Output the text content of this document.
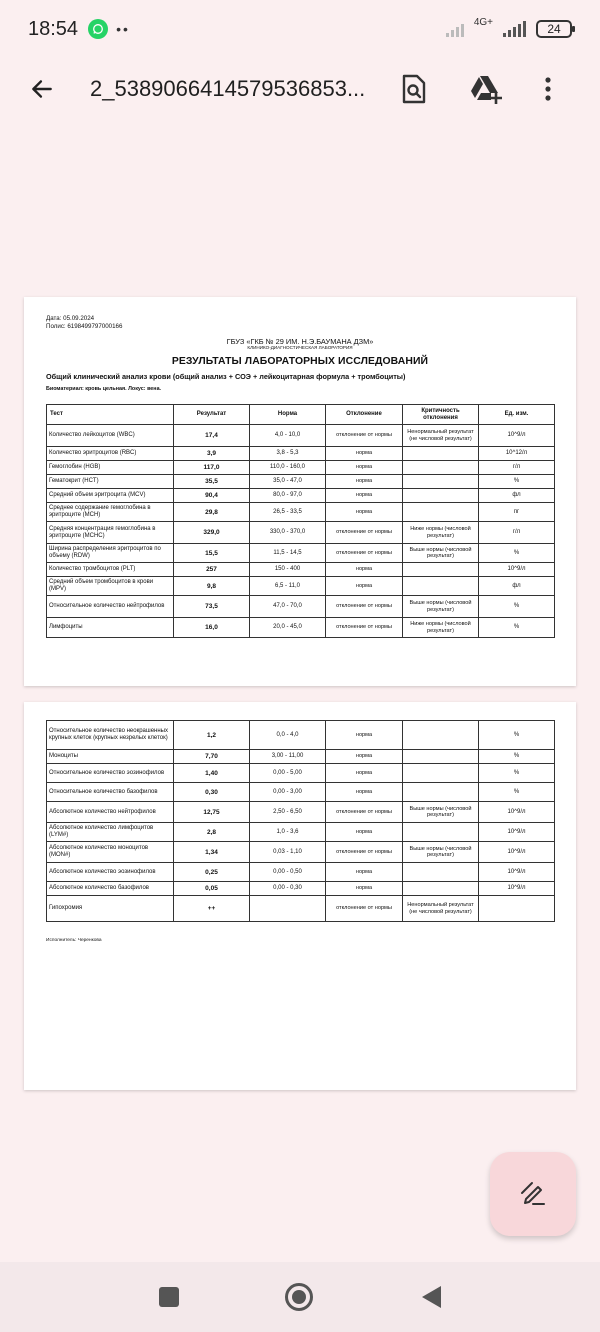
18:54	••	4G+	24
2_5389066414579536853...
Дата: 05.09.2024
Полис: 6198499797000166
ГБУЗ «ГКБ № 29 ИМ. Н.Э.БАУМАНА ДЗМ»
КЛИНИКО-ДИАГНОСТИЧЕСКАЯ ЛАБОРАТОРИЯ
РЕЗУЛЬТАТЫ ЛАБОРАТОРНЫХ ИССЛЕДОВАНИЙ
Общий клинический анализ крови (общий анализ + СОЭ + лейкоцитарная формула + тромбоциты)
Биоматериал: кровь цельная. Локус: вена.
Тест	Результат	Норма	Отклонение	Критичность отклонения	Ед. изм.
Количество лейкоцитов (WBC)	17,4	4,0 - 10,0	отклонение от нормы	Ненормальный результат (не числовой результат)	10^9/л
Количество эритроцитов (RBC)	3,9	3,8 - 5,3	норма		10^12/л
Гемоглобин (HGB)	117,0	110,0 - 160,0	норма		г/л
Гематокрит (HCT)	35,5	35,0 - 47,0	норма		%
Средний объем эритроцита (MCV)	90,4	80,0 - 97,0	норма		фл
Среднее содержание гемоглобина в эритроците (MCH)	29,8	26,5 - 33,5	норма		пг
Средняя концентрация гемоглобина в эритроците (MCHC)	329,0	330,0 - 370,0	отклонение от нормы	Ниже нормы (числовой результат)	г/л
Ширина распределения эритроцитов по объему (RDW)	15,5	11,5 - 14,5	отклонение от нормы	Выше нормы (числовой результат)	%
Количество тромбоцитов (PLT)	257	150 - 400	норма		10^9/л
Средний объем тромбоцитов в крови (MPV)	9,8	6,5 - 11,0	норма		фл
Относительное количество нейтрофилов	73,5	47,0 - 70,0	отклонение от нормы	Выше нормы (числовой результат)	%
Лимфоциты	16,0	20,0 - 45,0	отклонение от нормы	Ниже нормы (числовой результат)	%
Относительное количество неокрашенных крупных клеток (крупных незрелых клеток)	1,2	0,0 - 4,0	норма		%
Моноциты	7,70	3,00 - 11,00	норма		%
Относительное количество эозинофилов	1,40	0,00 - 5,00	норма		%
Относительное количество базофилов	0,30	0,00 - 3,00	норма		%
Абсолютное количество нейтрофилов	12,75	2,50 - 6,50	отклонение от нормы	Выше нормы (числовой результат)	10^9/л
Абсолютное количество лимфоцитов (LYM#)	2,8	1,0 - 3,6	норма		10^9/л
Абсолютное количество моноцитов (MON#)	1,34	0,03 - 1,10	отклонение от нормы	Выше нормы (числовой результат)	10^9/л
Абсолютное количество эозинофилов	0,25	0,00 - 0,50	норма		10^9/л
Абсолютное количество базофилов	0,05	0,00 - 0,30	норма		10^9/л
Гипохромия	++		отклонение от нормы	Ненормальный результат (не числовой результат)	
Исполнитель: Черенкова
